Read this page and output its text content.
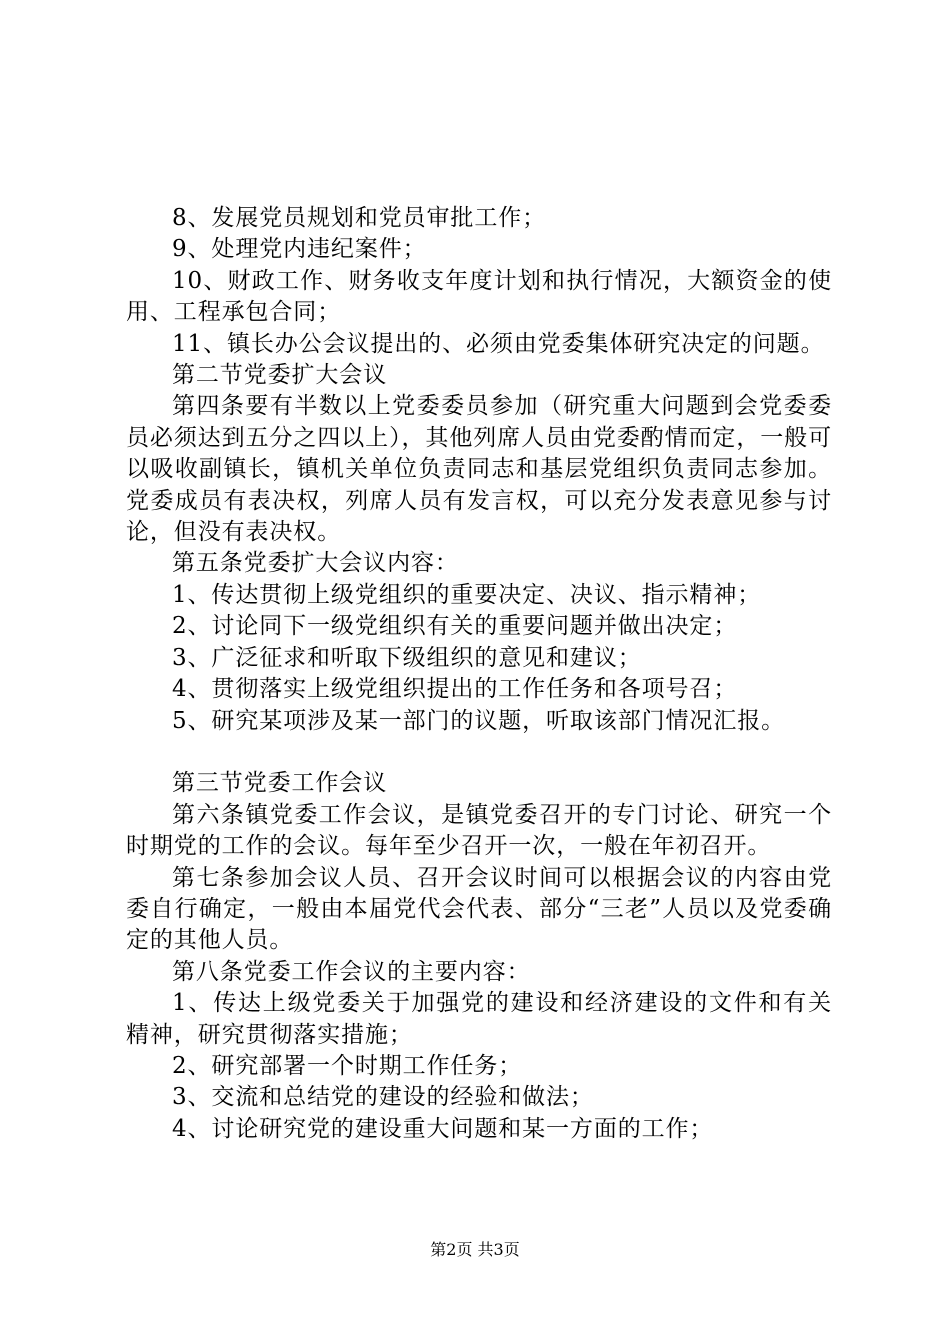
8、发展党员规划和党员审批工作；

9、处理党内违纪案件；

10、财政工作、财务收支年度计划和执行情况，大额资金的使用、工程承包合同；

11、镇长办公会议提出的、必须由党委集体研究决定的问题。

第二节党委扩大会议

第四条要有半数以上党委委员参加（研究重大问题到会党委委员必须达到五分之四以上），其他列席人员由党委酌情而定，一般可以吸收副镇长，镇机关单位负责同志和基层党组织负责同志参加。党委成员有表决权，列席人员有发言权，可以充分发表意见参与讨论，但没有表决权。

第五条党委扩大会议内容：

1、传达贯彻上级党组织的重要决定、决议、指示精神；

2、讨论同下一级党组织有关的重要问题并做出决定；

3、广泛征求和听取下级组织的意见和建议；

4、贯彻落实上级党组织提出的工作任务和各项号召；

5、研究某项涉及某一部门的议题，听取该部门情况汇报。

第三节党委工作会议

第六条镇党委工作会议，是镇党委召开的专门讨论、研究一个时期党的工作的会议。每年至少召开一次，一般在年初召开。

第七条参加会议人员、召开会议时间可以根据会议的内容由党委自行确定，一般由本届党代会代表、部分“三老”人员以及党委确定的其他人员。

第八条党委工作会议的主要内容：

1、传达上级党委关于加强党的建设和经济建设的文件和有关精神，研究贯彻落实措施；

2、研究部署一个时期工作任务；

3、交流和总结党的建设的经验和做法；

4、讨论研究党的建设重大问题和某一方面的工作；

第2页 共3页
